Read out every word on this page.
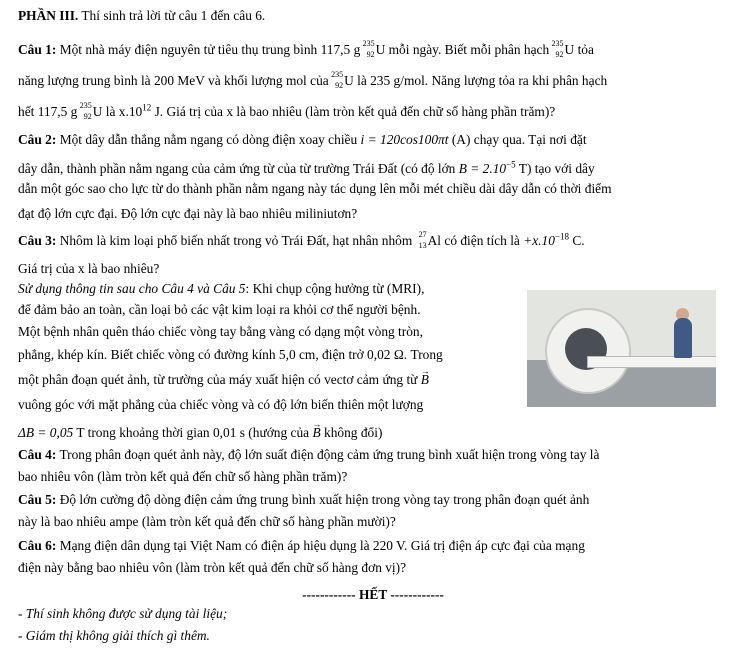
PHẦN III. Thí sinh trả lời từ câu 1 đến câu 6.
Câu 1: Một nhà máy điện nguyên tử tiêu thụ trung bình 117,5 g 235
92 U mỗi ngày. Biết mỗi phân hạch 235
92 U tỏa
năng lượng trung bình là 200 MeV và khối lượng mol của 235
92 U là 235 g/mol. Năng lượng tỏa ra khi phân hạch
hết 117,5 g 235
92 U là $x.10^{12}$ J. Giá trị của x là bao nhiêu (làm tròn kết quả đến chữ số hàng phần trăm)?
Câu 2: Một dây dẫn thẳng nằm ngang có dòng điện xoay chiều i = 120cos100πt (A) chạy qua. Tại nơi đặt
dây dẫn, thành phần nằm ngang của cảm ứng từ của từ trường Trái Đất (có độ lớn $B = 2.10^{-5}$ T) tạo với dây
dẫn một góc sao cho lực từ do thành phần nằm ngang này tác dụng lên mỗi mét chiều dài dây dẫn có thời điểm
đạt độ lớn cực đại. Độ lớn cực đại này là bao nhiêu miliniutơn?
Câu 3: Nhôm là kim loại phổ biến nhất trong vỏ Trái Đất, hạt nhân nhôm 27
13 Al có điện tích là $+x.10^{-18}$ C.
Giá trị của x là bao nhiêu?
Sử dụng thông tin sau cho Câu 4 và Câu 5: Khi chụp cộng hưởng từ (MRI),
để đảm bảo an toàn, cần loại bỏ các vật kim loại ra khỏi cơ thể người bệnh.
Một bệnh nhân quên tháo chiếc vòng tay bằng vàng có dạng một vòng tròn,
phẳng, khép kín. Biết chiếc vòng có đường kính 5,0 cm, điện trở 0,02 Ω. Trong
một phân đoạn quét ảnh, từ trường của máy xuất hiện có vectơ cảm ứng từ → B
vuông góc với mặt phẳng của chiếc vòng và có độ lớn biến thiên một lượng
ΔB = 0,05 T trong khoảng thời gian 0,01 s (hướng của → B không đổi)
Câu 4: Trong phân đoạn quét ảnh này, độ lớn suất điện động cảm ứng trung bình xuất hiện trong vòng tay là
bao nhiêu vôn (làm tròn kết quả đến chữ số hàng phần trăm)?
Câu 5: Độ lớn cường độ dòng điện cảm ứng trung bình xuất hiện trong vòng tay trong phân đoạn quét ảnh
này là bao nhiêu ampe (làm tròn kết quả đến chữ số hàng phần mười)?
Câu 6: Mạng điện dân dụng tại Việt Nam có điện áp hiệu dụng là 220 V. Giá trị điện áp cực đại của mạng
điện này bằng bao nhiêu vôn (làm tròn kết quả đến chữ số hàng đơn vị)?
------------ HẾT ------------
- Thí sinh không được sử dụng tài liệu;
- Giám thị không giải thích gì thêm.
